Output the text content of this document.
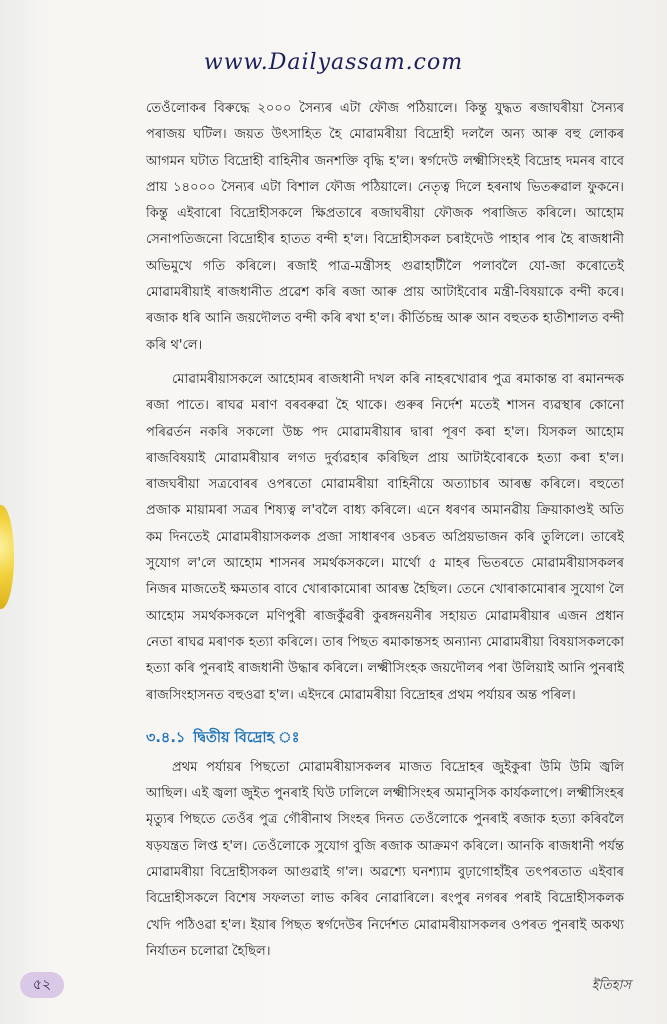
www.Dailyassam.com

তেওঁলোকৰ বিৰুদ্ধে ২০০০ সৈন্যৰ এটা ফৌজ পঠিয়ালে। কিন্তু যুদ্ধত ৰজাঘৰীয়া সৈন্যৰ পৰাজয় ঘটিল। জয়ত উৎসাহিত হৈ মোৱামৰীয়া বিদ্ৰোহী দললৈ অন্য আৰু বহু লোকৰ আগমন ঘটাত বিদ্ৰোহী বাহিনীৰ জনশক্তি বৃদ্ধি হ'ল। স্বৰ্গদেউ লক্ষ্মীসিংহই বিদ্ৰোহ দমনৰ বাবে প্ৰায় ১৪০০০ সৈন্যৰ এটা বিশাল ফৌজ পঠিয়ালে। নেতৃত্ব দিলে হৰনাথ ভিতৰুৱাল ফুকনে। কিন্তু এইবাৰো বিদ্ৰোহীসকলে ক্ষিপ্ৰতাৰে ৰজাঘৰীয়া ফৌজক পৰাজিত কৰিলে। আহোম সেনাপতিজনো বিদ্ৰোহীৰ হাতত বন্দী হ'ল। বিদ্ৰোহীসকল চৰাইদেউ পাহাৰ পাৰ হৈ ৰাজধানী অভিমুখে গতি কৰিলে। ৰজাই পাত্ৰ-মন্ত্ৰীসহ গুৱাহাটীলৈ পলাবলৈ যো-জা কৰোতেই মোৱামৰীয়াই ৰাজধানীত প্ৰৱেশ কৰি ৰজা আৰু প্ৰায় আটাইবোৰ মন্ত্ৰী-বিষয়াকে বন্দী কৰে। ৰজাক ধৰি আনি জয়দৌলত বন্দী কৰি ৰখা হ'ল। কীৰ্তিচন্দ্ৰ আৰু আন বহুতক হাতীশালত বন্দী কৰি থ'লে।

মোৱামৰীয়াসকলে আহোমৰ ৰাজধানী দখল কৰি নাহৰখোৱাৰ পুত্ৰ ৰমাকান্ত বা ৰমানন্দক ৰজা পাতে। ৰাঘৱ মৰাণ বৰবৰুৱা হৈ থাকে। গুৰুৰ নিৰ্দেশ মতেই শাসন ব্যৱস্থাৰ কোনো পৰিৱৰ্তন নকৰি সকলো উচ্চ পদ মোৱামৰীয়াৰ দ্বাৰা পূৰণ কৰা হ'ল। যিসকল আহোম ৰাজবিষয়াই মোৱামৰীয়াৰ লগত দুৰ্ব্যৱহাৰ কৰিছিল প্ৰায় আটাইবোৰকে হত্যা কৰা হ'ল। ৰাজঘৰীয়া সত্ৰবোৰৰ ওপৰতো মোৱামৰীয়া বাহিনীয়ে অত্যাচাৰ আৰম্ভ কৰিলে। বহুতো প্ৰজাক মায়ামৰা সত্ৰৰ শিষ্যত্ব ল'বলৈ বাধ্য কৰিলে। এনে ধৰণৰ অমানৱীয় ক্ৰিয়াকাণ্ডই অতি কম দিনতেই মোৱামৰীয়াসকলক প্ৰজা সাধাৰণৰ ওচৰত অপ্ৰিয়ভাজন কৰি তুলিলে। তাৰেই সুযোগ ল'লে আহোম শাসনৰ সমৰ্থকসকলে। মাৰ্থো ৫ মাহৰ ভিতৰতে মোৱামৰীয়াসকলৰ নিজৰ মাজতেই ক্ষমতাৰ বাবে খোৰাকামোৰা আৰম্ভ হৈছিল। তেনে খোৰাকামোৰাৰ সুযোগ লৈ আহোম সমৰ্থকসকলে মণিপুৰী ৰাজকুঁৱৰী কুৰঙ্গনয়নীৰ সহায়ত মোৱামৰীয়াৰ এজন প্ৰধান নেতা ৰাঘৱ মৰাণক হত্যা কৰিলে। তাৰ পিছত ৰমাকান্তসহ অন্যান্য মোৱামৰীয়া বিষয়াসকলকো হত্যা কৰি পুনৰাই ৰাজধানী উদ্ধাৰ কৰিলে। লক্ষ্মীসিংহক জয়দৌলৰ পৰা উলিয়াই আনি পুনৰাই ৰাজসিংহাসনত বহুওৱা হ'ল। এইদৰে মোৱামৰীয়া বিদ্ৰোহৰ প্ৰথম পৰ্যায়ৰ অন্ত পৰিল।

৩.৪.১ দ্বিতীয় বিদ্ৰোহ ঃ

প্ৰথম পৰ্যায়ৰ পিছতো মোৱামৰীয়াসকলৰ মাজত বিদ্ৰোহৰ জুইকুৰা উমি উমি জ্বলি আছিল। এই জ্বলা জুইত পুনৰাই ঘিউ ঢালিলে লক্ষ্মীসিংহৰ অমানুসিক কাৰ্যকলাপে। লক্ষ্মীসিংহৰ মৃত্যুৰ পিছতে তেওঁৰ পুত্ৰ গৌৰীনাথ সিংহৰ দিনত তেওঁলোকে পুনৰাই ৰজাক হত্যা কৰিবলৈ ষড়যন্ত্ৰত লিপ্ত হ'ল। তেওঁলোকে সুযোগ বুজি ৰজাক আক্ৰমণ কৰিলে। আনকি ৰাজধানী পৰ্যন্ত মোৱামৰীয়া বিদ্ৰোহীসকল আগুৱাই গ'ল। অৱশ্যে ঘনশ্যাম বুঢ়াগোহাঁইৰ তৎপৰতাত এইবাৰ বিদ্ৰোহীসকলে বিশেষ সফলতা লাভ কৰিব নোৱাৰিলে। ৰংপুৰ নগৰৰ পৰাই বিদ্ৰোহীসকলক খেদি পঠিওৱা হ'ল। ইয়াৰ পিছত স্বৰ্গদেউৰ নিৰ্দেশত মোৱামৰীয়াসকলৰ ওপৰত পুনৰাই অকথ্য নিৰ্যাতন চলোৱা হৈছিল।

৫২	ইতিহাস
